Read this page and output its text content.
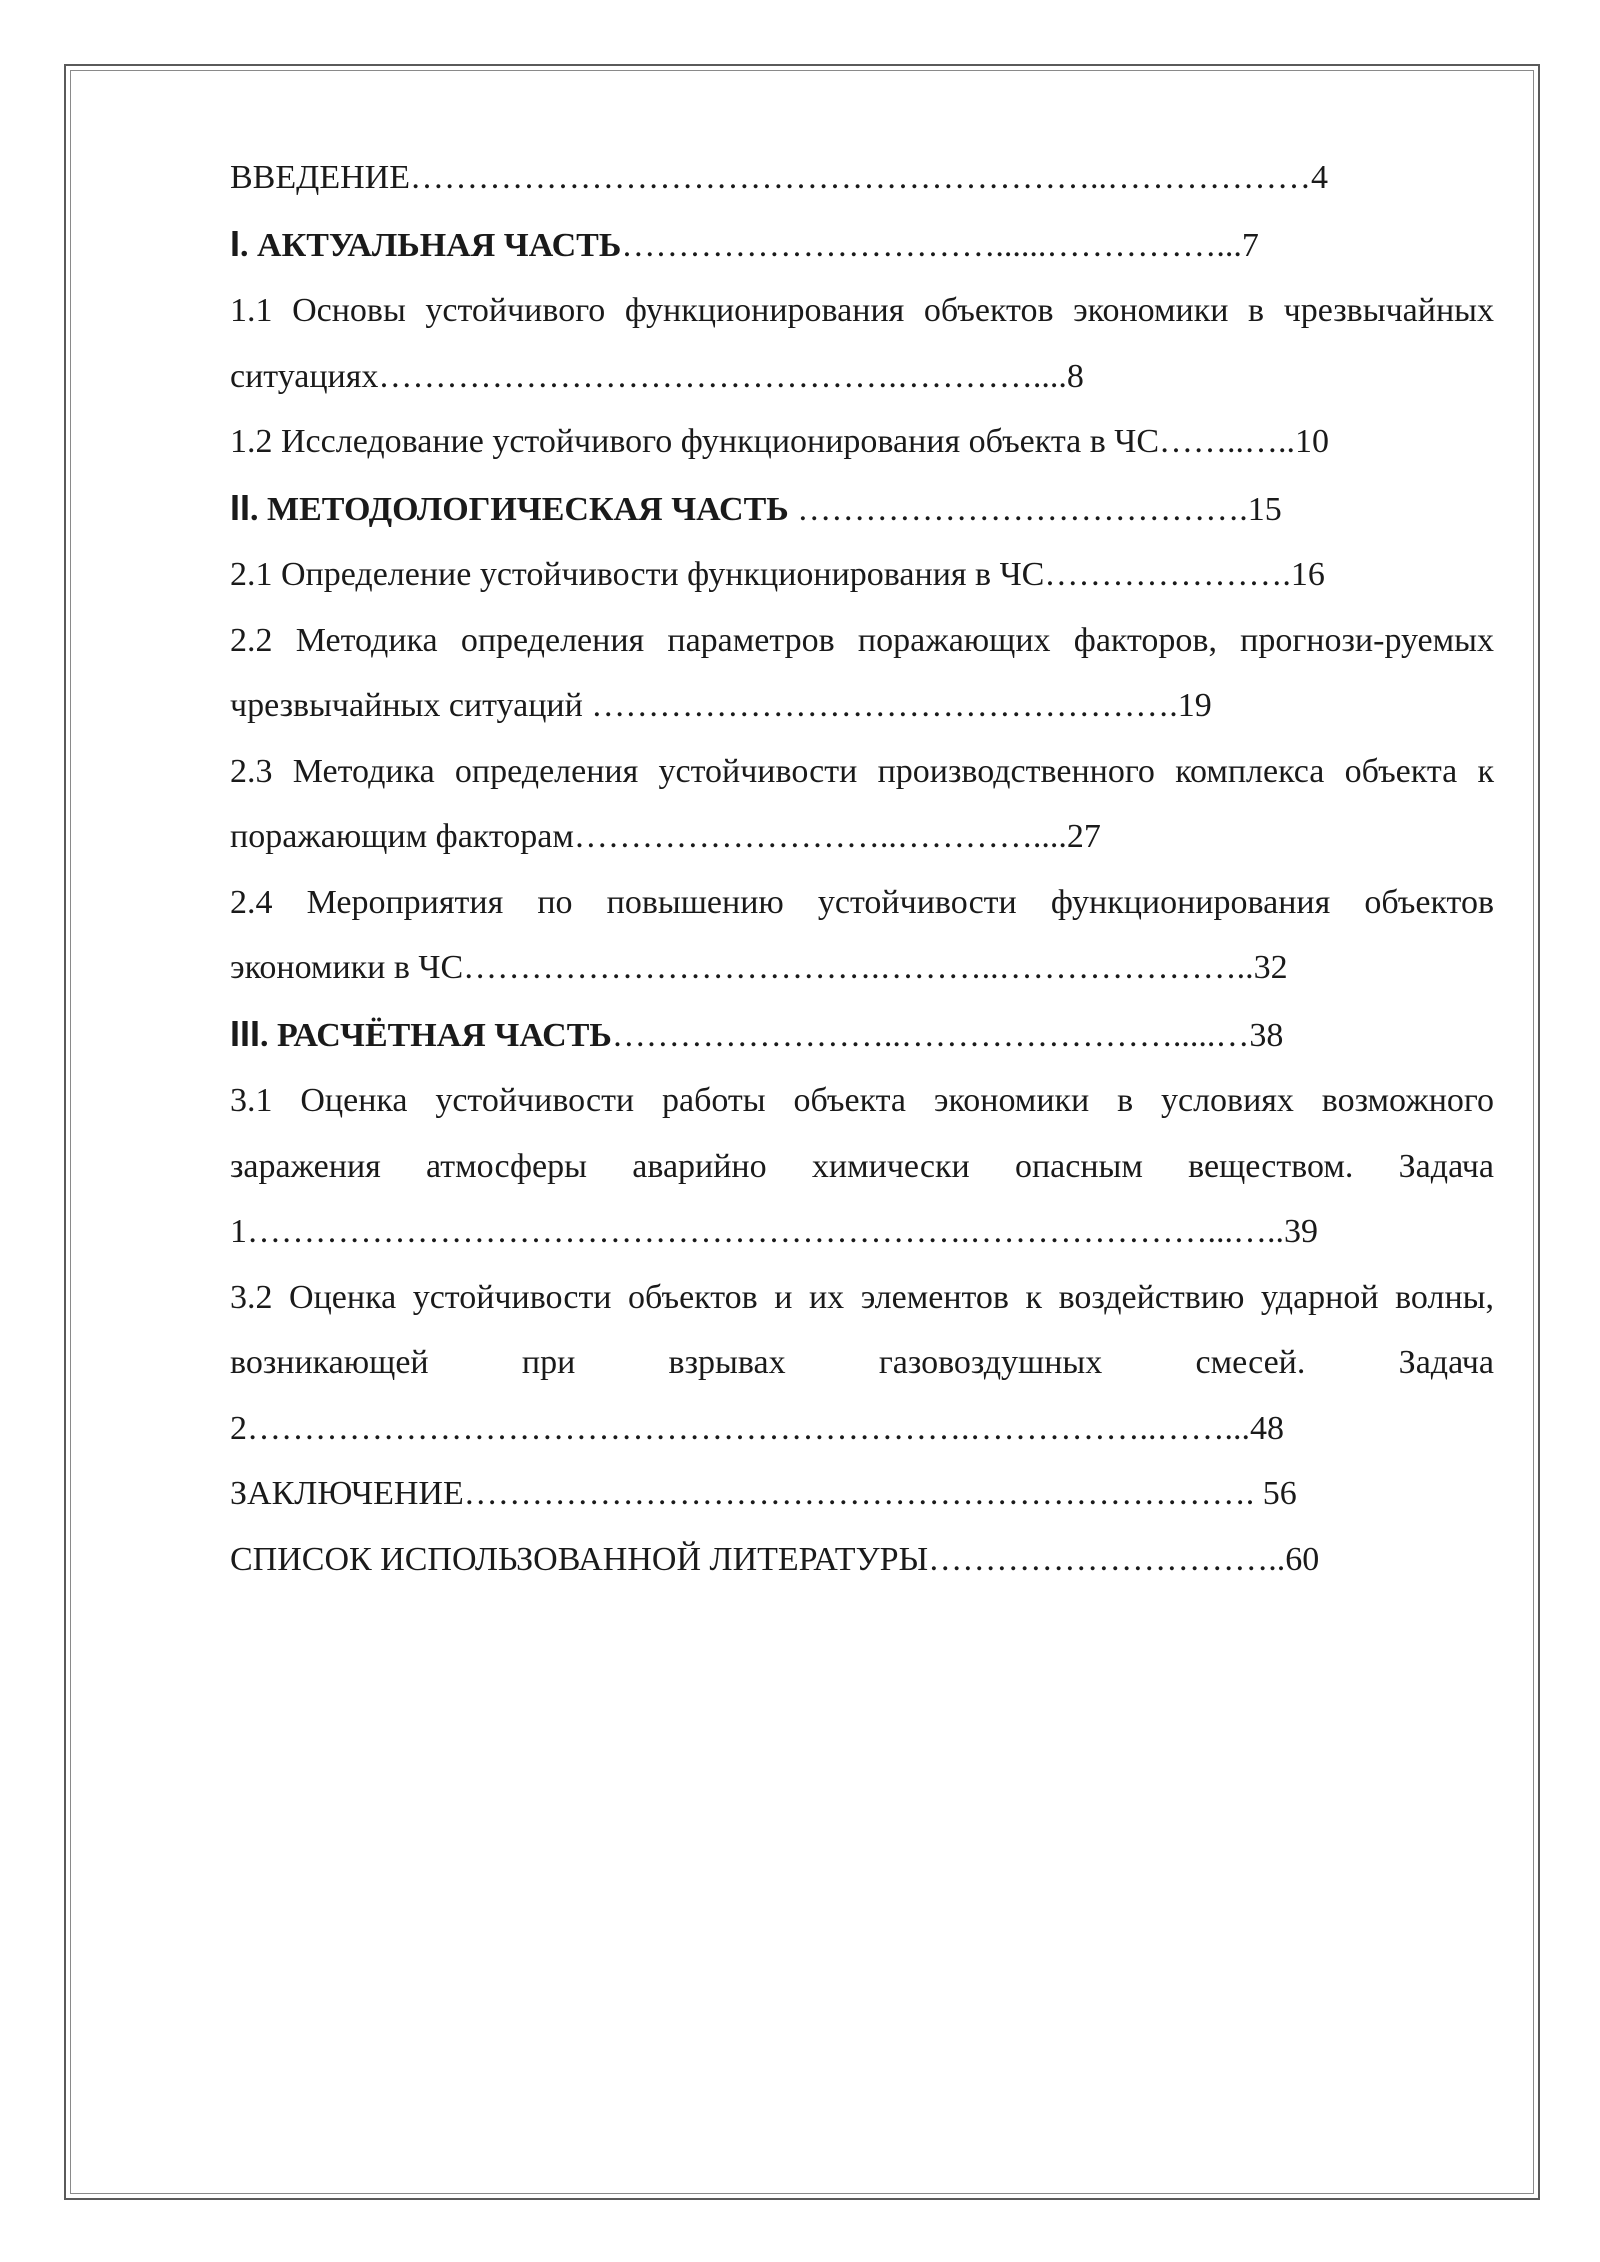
ВВЕДЕНИЕ……………………………………………………..………………4
I. АКТУАЛЬНАЯ ЧАСТЬ……………………………......……………...7
1.1 Основы устойчивого функционирования объектов экономики в чрезвычайных ситуациях……………………………………….…………....8
1.2 Исследование устойчивого функционирования объекта в ЧС……..…..10
II. МЕТОДОЛОГИЧЕСКАЯ ЧАСТЬ ………………………………….15
2.1 Определение устойчивости функционирования в ЧС………………….16
2.2 Методика определения параметров поражающих факторов, прогнози-руемых чрезвычайных ситуаций …………………………………………….19
2.3 Методика определения устойчивости производственного комплекса объекта к поражающим факторам………………………..…………....27
2.4 Мероприятия по повышению устойчивости функционирования объектов экономики в ЧС……………………………….………..…………………..32
III. РАСЧЁТНАЯ ЧАСТЬ……………………..…………………….....…38
3.1 Оценка устойчивости работы объекта экономики в условиях возможного заражения атмосферы аварийно химически опасным веществом. Задача 1……………………………………………………….…………………...…..39
3.2 Оценка устойчивости объектов и их элементов к воздействию ударной волны, возникающей при взрывах газовоздушных смесей. Задача 2……………………………………………………….……………..……...48
ЗАКЛЮЧЕНИЕ……………………………………………………………. 56
СПИСОК ИСПОЛЬЗОВАННОЙ ЛИТЕРАТУРЫ…………………………..60
